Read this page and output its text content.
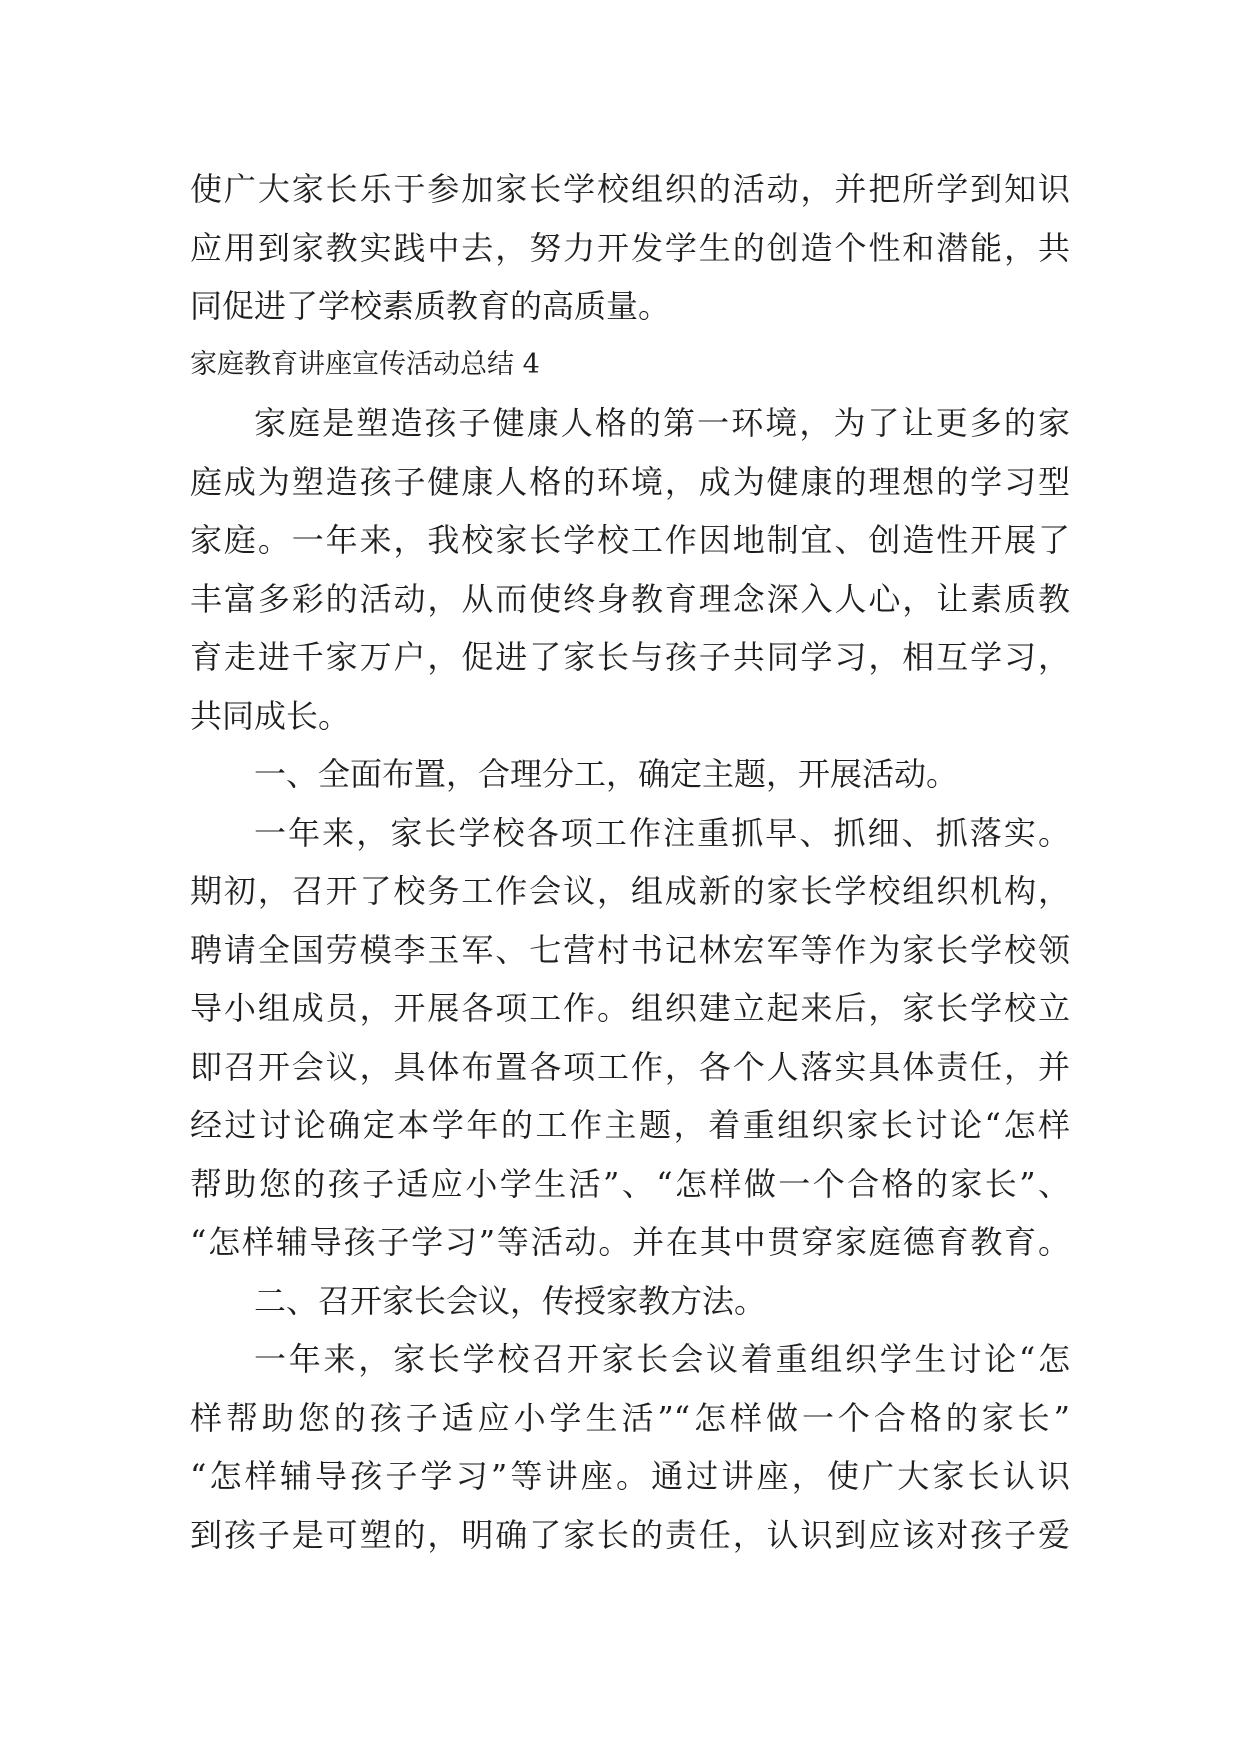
使广大家长乐于参加家长学校组织的活动，并把所学到知识
应用到家教实践中去，努力开发学生的创造个性和潜能，共
同促进了学校素质教育的高质量。
家庭教育讲座宣传活动总结 4
家庭是塑造孩子健康人格的第一环境，为了让更多的家
庭成为塑造孩子健康人格的环境，成为健康的理想的学习型
家庭。一年来，我校家长学校工作因地制宜、创造性开展了
丰富多彩的活动，从而使终身教育理念深入人心，让素质教
育走进千家万户，促进了家长与孩子共同学习，相互学习，
共同成长。
一、全面布置，合理分工，确定主题，开展活动。
一年来，家长学校各项工作注重抓早、抓细、抓落实。
期初，召开了校务工作会议，组成新的家长学校组织机构，
聘请全国劳模李玉军、七营村书记林宏军等作为家长学校领
导小组成员，开展各项工作。组织建立起来后，家长学校立
即召开会议，具体布置各项工作，各个人落实具体责任，并
经过讨论确定本学年的工作主题，着重组织家长讨论“怎样
帮助您的孩子适应小学生活”、“怎样做一个合格的家长”、
“怎样辅导孩子学习”等活动。并在其中贯穿家庭德育教育。
二、召开家长会议，传授家教方法。
一年来，家长学校召开家长会议着重组织学生讨论“怎
样帮助您的孩子适应小学生活”“怎样做一个合格的家长”
“怎样辅导孩子学习”等讲座。通过讲座，使广大家长认识
到孩子是可塑的，明确了家长的责任，认识到应该对孩子爱
